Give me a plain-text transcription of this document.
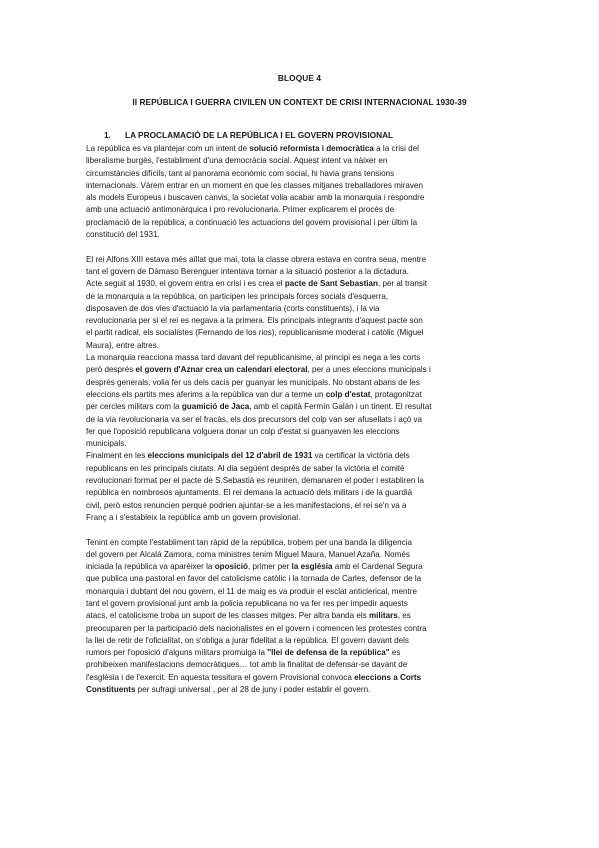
BLOQUE 4
II REPÚBLICA I GUERRA CIVILEN UN CONTEXT DE CRISI INTERNACIONAL 1930-39
1. LA PROCLAMACIÓ DE LA REPÚBLICA I EL GOVERN PROVISIONAL

La república es va plantejar com un intent de solució reformista i democràtica a la crisi del
liberalisme burgès, l'establiment d'una democràcia social. Aquest intent va nàixer en
circumstàncies difícils, tant al panorama econòmic com social, hi havia grans tensions
internacionals. Vàrem entrar en un moment en que les classes mitjanes treballadores miraven
als models Europeus i buscaven canvis, la societat volia acabar amb la monarquia i respondre
amb una actuació antimonàrquica i pro revolucionaria. Primer explicarem el procés de
proclamació de la república, a continuació les actuacions del govern provisional i per últim la
constitució del 1931.

El rei Alfons XIII estava més aïllat que mai, tota la classe obrera estava en contra seua, mentre
tant el govern de Dámaso Berenguer intentava tornar a la situació posterior a la dictadura.
Acte seguit al 1930, el govern entra en crisi i es crea el pacte de Sant Sebastian, per al transit
de la monarquia a la república, on participen les principals forces socials d'esquerra,
disposaven de dos vies d'actuació la via parlamentaria (corts constituents), i la via
revolucionaria per si el rei es negava a la primera. Els principals integrants d'aquest pacte son
el partit radical, els socialistes (Fernando de los rios), republicanisme moderat i catòlic (Miguel
Maura), entre altres.

La monarquia reacciona massa tard davant del republicanisme, al principi es nega a les corts
però després el govern d'Aznar crea un calendari electoral, per a unes eleccions municipals i
després generals, volia fer us dels cacis per guanyar les municipals. No obstant abans de les
eleccions els partits mes aferims a la república van dur a terme un colp d'estat, protagonitzat
per cercles militars com la guamició de Jaca, amb el capità Fermín Galán i un tinent. El resultat
de la via revolucionaria va ser el fracàs, els dos precursors del colp van ser afusellats i açò va
fer que l'oposició republicana volguera donar un colp d'estat si guanyaven les eleccions
municipals.

Finalment en les eleccions municipals del 12 d'abril de 1931 va certificar la victòria dels
republicans en les principals ciutats. Al dia següent després de saber la victòria el comitè
revolucionari format per el pacte de S.Sebastià es reuniren, demanaren el poder i establiren la
república en nombrosos ajuntaments. El rei demana la actuació dels militars i de la guardià
civil, però estos renuncien perquè podrien ajuntar-se a les manifestacions, el rei se'n va a
Franç a i s'estableix la república amb un govern provisional.

Tenint en compte l'establiment tan ràpid de la república, trobem per una banda la diligencia
del govern per Alcalá Zamora, coma ministres tenim Miguel Maura, Manuel Azaña. Només
iniciada la república va aparèixer la oposició, primer per la església amb el Cardenal Segura
que publica una pastoral en favor del catolicisme catòlic i la tornada de Carles, defensor de la
monarquia i dubtant del nou govern, el 11 de maig es va produir el esclat anticlerical, mentre
tant el govern provisional junt amb la policia republicana no va fer res per impedir aquests
atacs, el catolicisme troba un suport de les classes mitges. Per altra banda els militars, es
preocuparen per la participació dels nacionalistes en el govern i comencen les protestes contra
la llei de retir de l'oficialitat, on s'obliga a jurar fidelitat a la república. El govern davant dels
rumors per l'oposició d'alguns militars promulga la "llei de defensa de la república" es
prohibeixen manifestacions democràtiques… tot amb la finalitat de defensar-se davant de
l'església i de l'exercit. En aquesta tessitura el govern Provisional convoca eleccions a Corts
Constituents per sufragi universal , per al 28 de juny i poder establir el govern.
